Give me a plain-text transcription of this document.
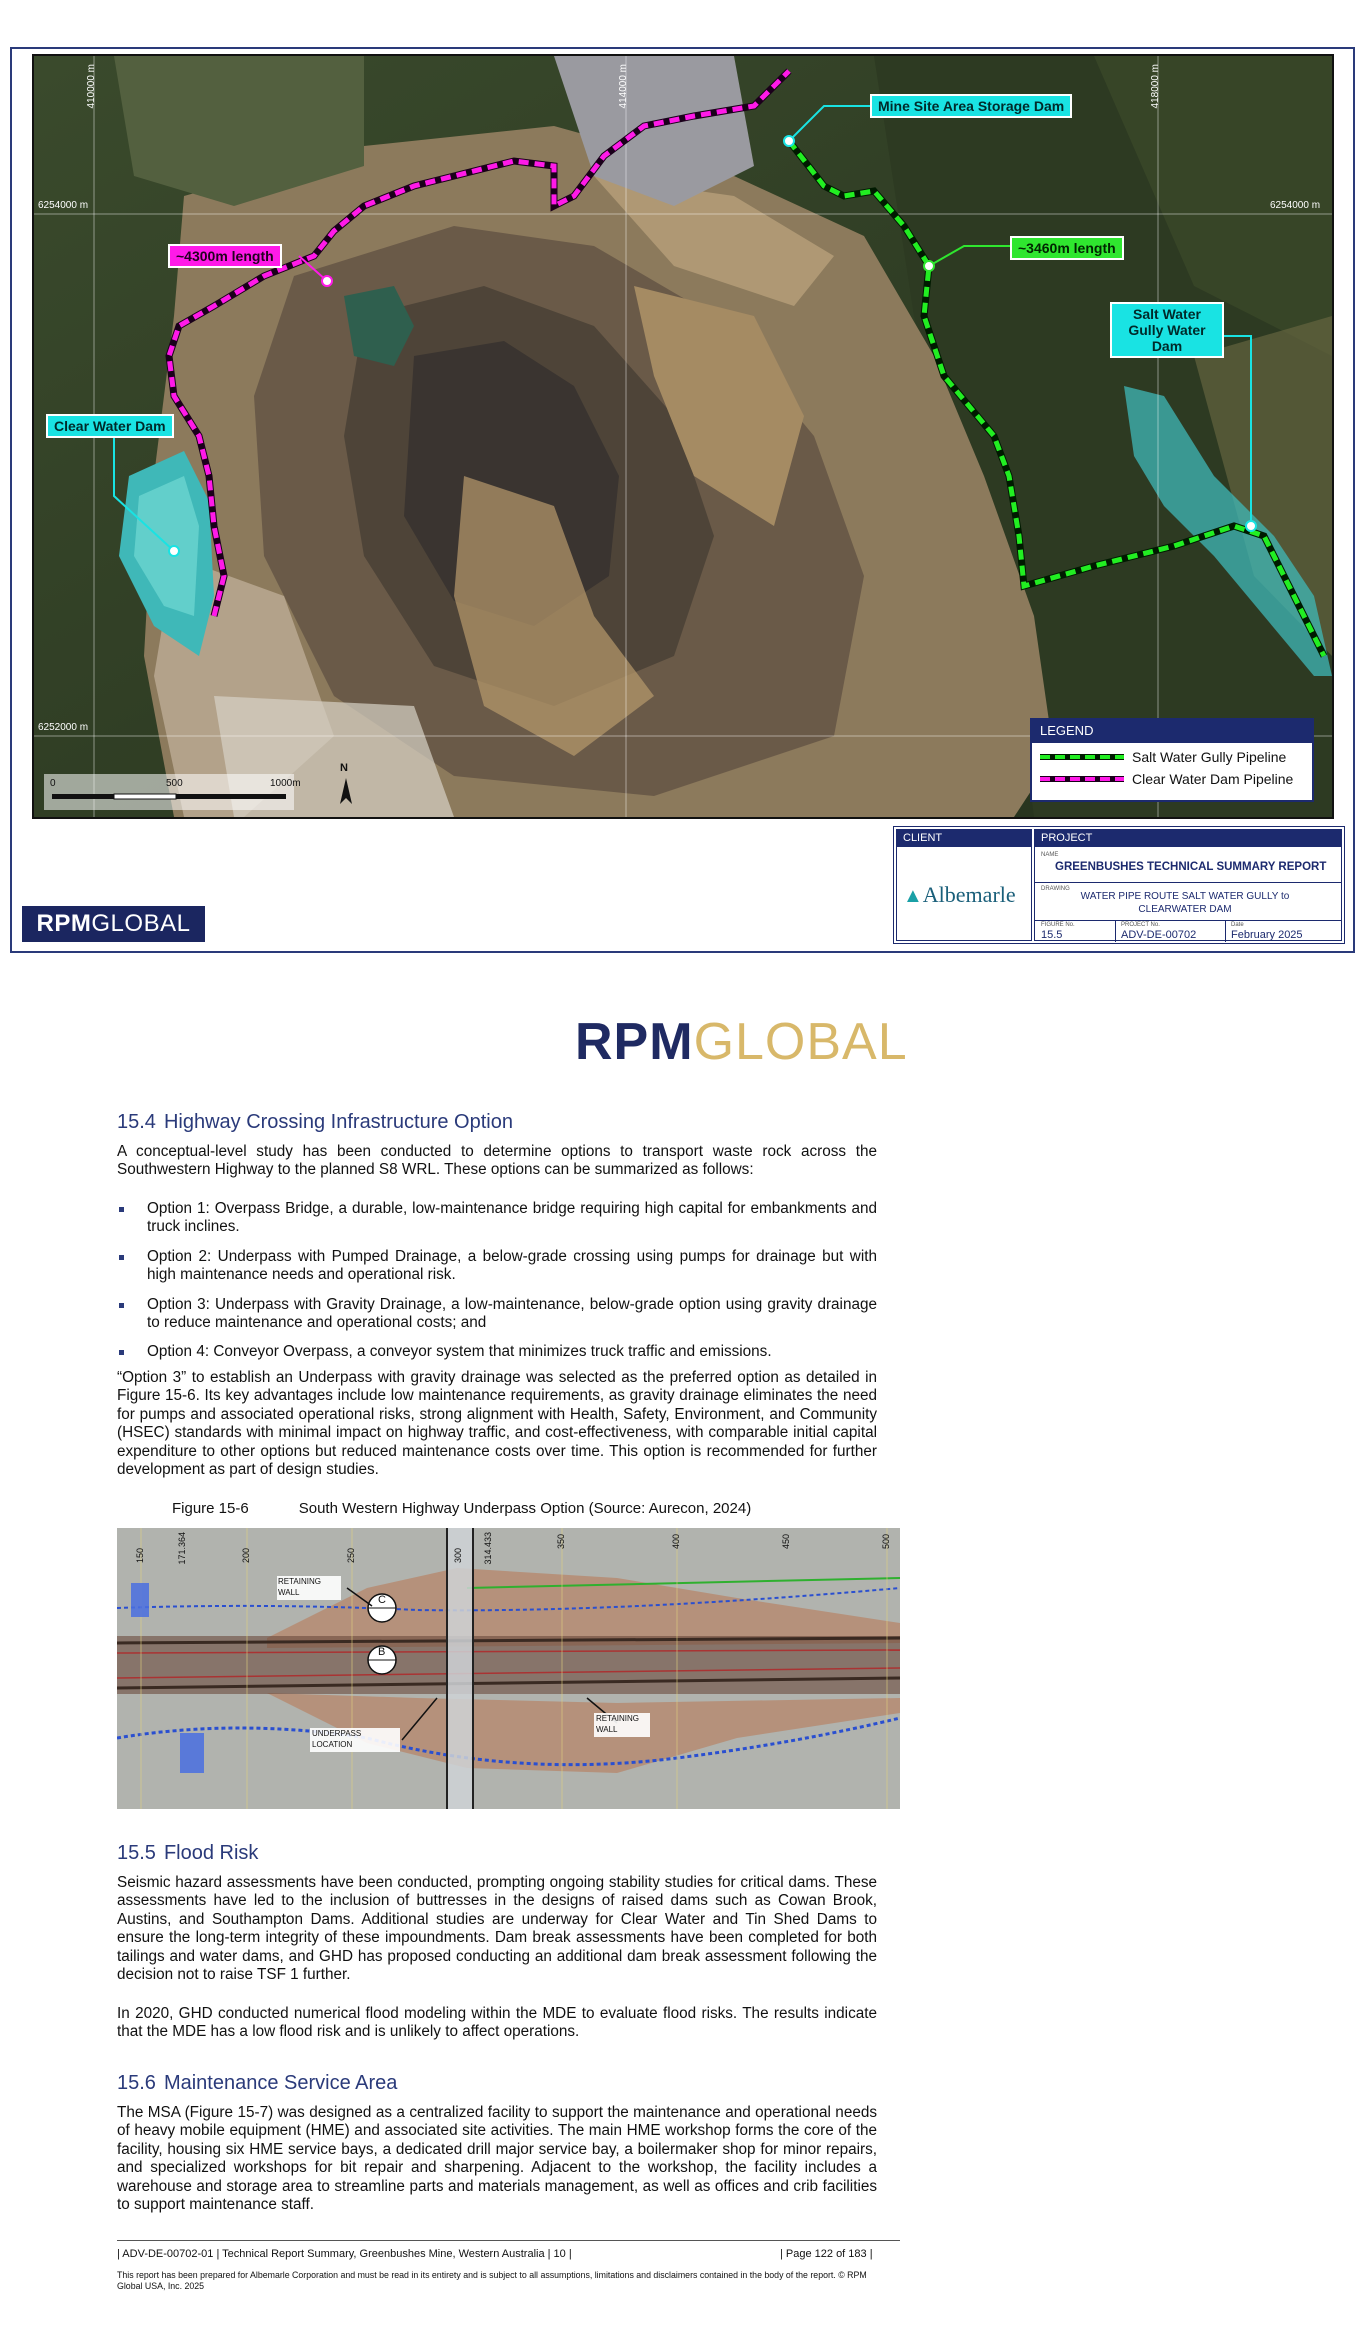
410000 m	414000 m	418000 m
6254000 m	6254000 m
6252000 m
0	500	1000m
N
Mine Site Area Storage Dam
~4300m length	~3460m length
Salt Water Gully Water Dam
Clear Water Dam
LEGEND
Salt Water Gully Pipeline
Clear Water Dam Pipeline
CLIENT
▲Albemarle
PROJECT
NAME
GREENBUSHES TECHNICAL SUMMARY REPORT
DRAWING
WATER PIPE ROUTE SALT WATER GULLY to CLEARWATER DAM
FIGURE No.
15.5
PROJECT No.
ADV-DE-00702
Date
February 2025
RPMGLOBAL
RPMGLOBAL
15.4 Highway Crossing Infrastructure Option

A conceptual-level study has been conducted to determine options to transport waste rock across the Southwestern Highway to the planned S8 WRL. These options can be summarized as follows:

Option 1: Overpass Bridge, a durable, low-maintenance bridge requiring high capital for embankments and truck inclines.
Option 2: Underpass with Pumped Drainage, a below-grade crossing using pumps for drainage but with high maintenance needs and operational risk.
Option 3: Underpass with Gravity Drainage, a low-maintenance, below-grade option using gravity drainage to reduce maintenance and operational costs; and
Option 4: Conveyor Overpass, a conveyor system that minimizes truck traffic and emissions.

“Option 3” to establish an Underpass with gravity drainage was selected as the preferred option as detailed in Figure 15-6. Its key advantages include low maintenance requirements, as gravity drainage eliminates the need for pumps and associated operational risks, strong alignment with Health, Safety, Environment, and Community (HSEC) standards with minimal impact on highway traffic, and cost-effectiveness, with comparable initial capital expenditure to other options but reduced maintenance costs over time. This option is recommended for further development as part of design studies.

Figure 15-6	South Western Highway Underpass Option (Source: Aurecon, 2024)
RETAINING WALL
UNDERPASS LOCATION
RETAINING WALL
C
B
150	171.364	200	250	300 314.433	350	400	450	500
15.5 Flood Risk

Seismic hazard assessments have been conducted, prompting ongoing stability studies for critical dams. These assessments have led to the inclusion of buttresses in the designs of raised dams such as Cowan Brook, Austins, and Southampton Dams. Additional studies are underway for Clear Water and Tin Shed Dams to ensure the long-term integrity of these impoundments. Dam break assessments have been completed for both tailings and water dams, and GHD has proposed conducting an additional dam break assessment following the decision not to raise TSF 1 further.

In 2020, GHD conducted numerical flood modeling within the MDE to evaluate flood risks. The results indicate that the MDE has a low flood risk and is unlikely to affect operations.

15.6 Maintenance Service Area

The MSA (Figure 15-7) was designed as a centralized facility to support the maintenance and operational needs of heavy mobile equipment (HME) and associated site activities. The main HME workshop forms the core of the facility, housing six HME service bays, a dedicated drill major service bay, a boilermaker shop for minor repairs, and specialized workshops for bit repair and sharpening. Adjacent to the workshop, the facility includes a warehouse and storage area to streamline parts and materials management, as well as offices and crib facilities to support maintenance staff.

| ADV-DE-00702-01 | Technical Report Summary, Greenbushes Mine, Western Australia | 10 |	| Page 122 of 183 |
This report has been prepared for Albemarle Corporation and must be read in its entirety and is subject to all assumptions, limitations and disclaimers contained in the body of the report. © RPM Global USA, Inc. 2025
